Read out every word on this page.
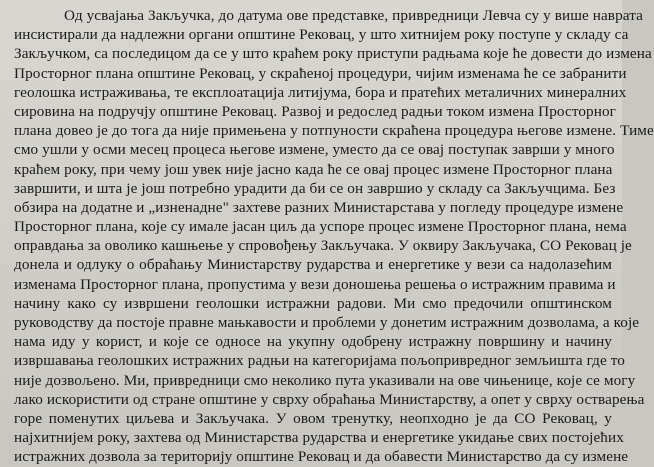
Од усвајања Закључка, до датума ове представке, привредници Левча су у више наврата
инсистирали да надлежни органи општине Рековац, у што хитнијем року поступе у складу са
Закључком, са последицом да се у што краћем року приступи радњама које ће довести до измена
Просторног плана општине Рековац, у скраћеној процедури, чијим изменама ће се забранити
геолошка истраживања, те експлоатација литијума, бора и пратећих металичних минералних
сировина на подручју општине Рековац. Развој и редослед радњи током измена Просторног
плана довео је до тога да није примењена у потпуности скраћена процедура његове измене. Тиме
смо ушли у осми месец процеса његове измене, уместо да се овај поступак заврши у много
краћем року, при чему још увек није јасно када ће се овај процес измене Просторног плана
завршити, и шта је још потребно урадити да би се он завршио у складу са Закључцима. Без
обзира на додатне и „изненадне" захтеве разних Министарстава у погледу процедуре измене
Просторног плана, које су имале јасан циљ да успоре процес измене Просторног плана, нема
оправдања за оволико кашњење у спровођењу Закључака. У оквиру Закључака, СО Рековац је
донела и одлуку о обраћању Министарству рударства и енергетике у вези са надолазећим
изменама Просторног плана, пропустима у вези доношења решења о истражним правима и
начину како су извршени геолошки истражни радови. Ми смо предочили општинском
руководству да постоје правне мањкавости и проблеми у донетим истражним дозволама, а које
нама иду у корист, и које се односе на укупну одобрену истражну површину и начину
извршавања геолошких истражних радњи на категоријама пољопривредног земљишта где то
није дозвољено. Ми, привредници смо неколико пута указивали на ове чињенице, које се могу
лако искористити од стране општине у сврху обраћања Министарству, а опет у сврху остварења
горе поменутих циљева и Закључака. У овом тренутку, неопходно је да СО Рековац, у
најхитнијем року, захтева од Министарства рударства и енергетике укидање свих постојећих
истражних дозвола за територију општине Рековац и да обавести Министарство да су измене
